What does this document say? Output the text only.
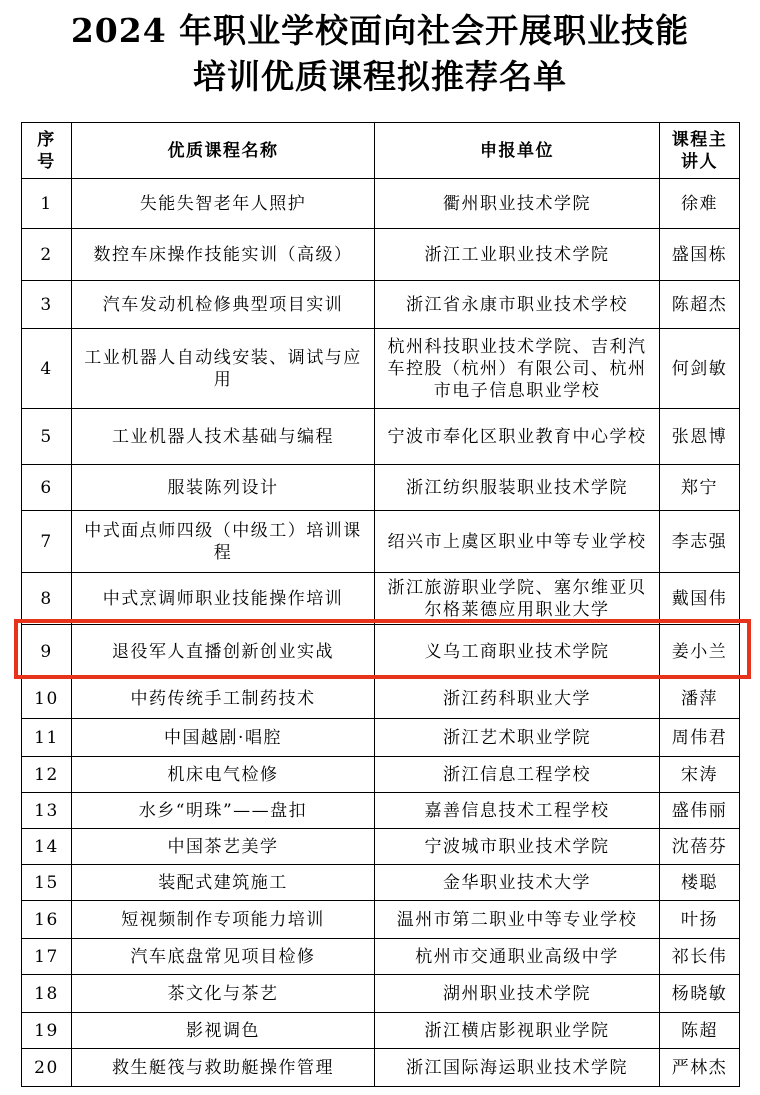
2024 年职业学校面向社会开展职业技能
培训优质课程拟推荐名单
序号	优质课程名称	申报单位	课程主讲人

1	失能失智老年人照护	衢州职业技术学院	徐难

2	数控车床操作技能实训（高级）	浙江工业职业技术学院	盛国栋

3	汽车发动机检修典型项目实训	浙江省永康市职业技术学校	陈超杰

4	工业机器人自动线安装、调试与应用	杭州科技职业技术学院、吉利汽车控股（杭州）有限公司、杭州市电子信息职业学校	何剑敏

5	工业机器人技术基础与编程	宁波市奉化区职业教育中心学校	张恩博

6	服装陈列设计	浙江纺织服装职业技术学院	郑宁

7	中式面点师四级（中级工）培训课程	绍兴市上虞区职业中等专业学校	李志强

8	中式烹调师职业技能操作培训	浙江旅游职业学院、塞尔维亚贝尔格莱德应用职业大学	戴国伟

9	退役军人直播创新创业实战	义乌工商职业技术学院	姜小兰

10	中药传统手工制药技术	浙江药科职业大学	潘萍

11	中国越剧·唱腔	浙江艺术职业学院	周伟君

12	机床电气检修	浙江信息工程学校	宋涛

13	水乡“明珠”——盘扣	嘉善信息技术工程学校	盛伟丽

14	中国茶艺美学	宁波城市职业技术学院	沈蓓芬

15	装配式建筑施工	金华职业技术大学	楼聪

16	短视频制作专项能力培训	温州市第二职业中等专业学校	叶扬

17	汽车底盘常见项目检修	杭州市交通职业高级中学	祁长伟

18	茶文化与茶艺	湖州职业技术学院	杨晓敏

19	影视调色	浙江横店影视职业学院	陈超

20	救生艇筏与救助艇操作管理	浙江国际海运职业技术学院	严林杰
